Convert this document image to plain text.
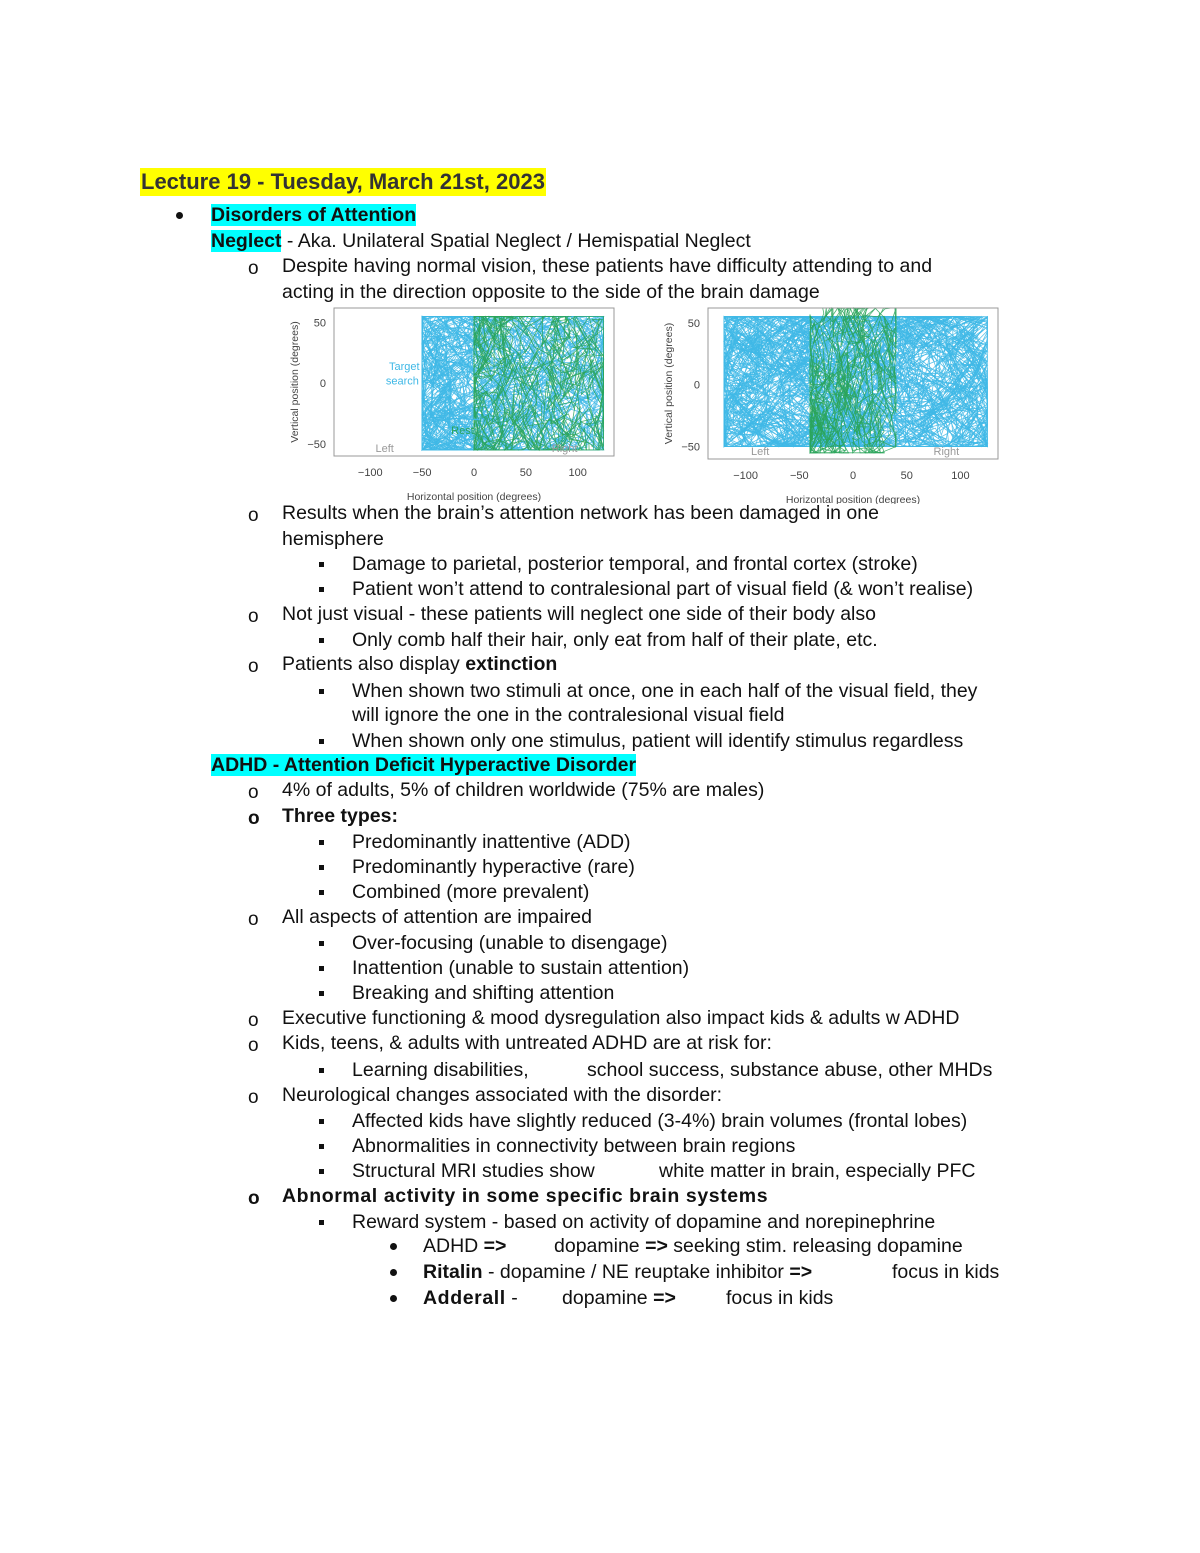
Lecture 19 - Tuesday, March 21st, 2023
Disorders of Attention
Neglect - Aka. Unilateral Spatial Neglect / Hemispatial Neglect
o Despite having normal vision, these patients have difficulty attending to and
acting in the direction opposite to the side of the brain damage
50
0
−50
−100	−50	0	50	100
Horizontal position (degrees)
Vertical position (degrees)
Left	Right
Target
search
Rest
50
0
−50
−100	−50	0	50	100
Horizontal position (degrees)
Vertical position (degrees)
Left	Right
o Results when the brain’s attention network has been damaged in one
hemisphere
Damage to parietal, posterior temporal, and frontal cortex (stroke)
Patient won’t attend to contralesional part of visual field (& won’t realise)
o Not just visual - these patients will neglect one side of their body also
Only comb half their hair, only eat from half of their plate, etc.
o Patients also display extinction
When shown two stimuli at once, one in each half of the visual field, they
will ignore the one in the contralesional visual field
When shown only one stimulus, patient will identify stimulus regardless
ADHD - Attention Deficit Hyperactive Disorder
o 4% of adults, 5% of children worldwide (75% are males)
o Three types:
Predominantly inattentive (ADD)
Predominantly hyperactive (rare)
Combined (more prevalent)
o All aspects of attention are impaired
Over-focusing (unable to disengage)
Inattention (unable to sustain attention)
Breaking and shifting attention
o Executive functioning & mood dysregulation also impact kids & adults w ADHD
o Kids, teens, & adults with untreated ADHD are at risk for:
Learning disabilities,	school success, substance abuse, other MHDs
o Neurological changes associated with the disorder:
Affected kids have slightly reduced (3-4%) brain volumes (frontal lobes)
Abnormalities in connectivity between brain regions
Structural MRI studies show	white matter in brain, especially PFC
o Abnormal activity in some specific brain systems
Reward system - based on activity of dopamine and norepinephrine
ADHD => dopamine => seeking stim. releasing dopamine
Ritalin - dopamine / NE reuptake inhibitor =>	focus in kids
Adderall - dopamine =>	focus in kids
